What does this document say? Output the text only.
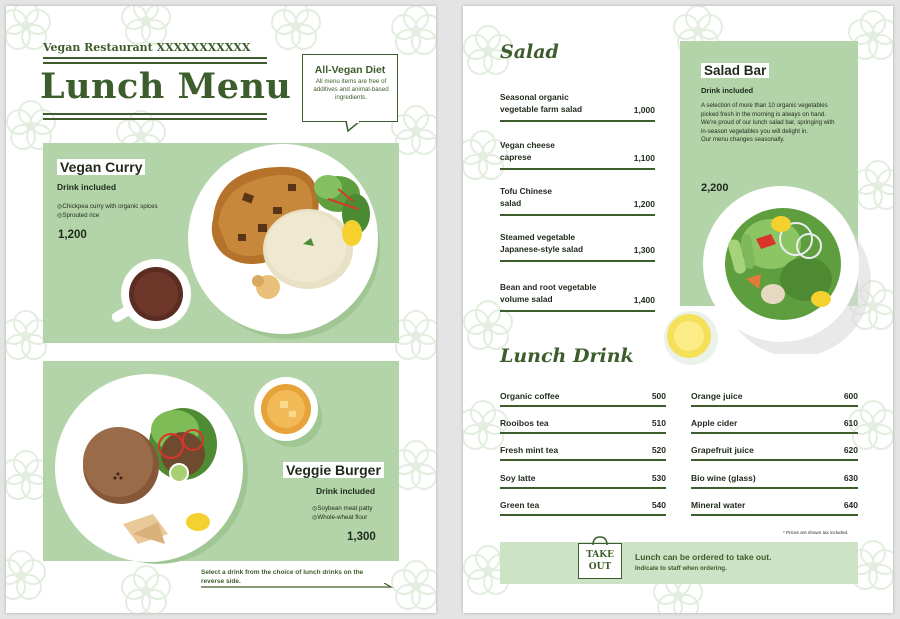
Vegan Restaurant XXXXXXXXXXX
Lunch Menu	All-Vegan Diet
All menu items are free of additives and animal-based ingredients.
Vegan Curry
Drink included
◎Chickpea curry with organic spices
◎Sprouted rice
1,200
Veggie Burger
Drink included
◎Soybean meat patty
◎Whole-wheat flour
1,300
Select a drink from the choice of lunch drinks on the reverse side.
Salad
Seasonal organic
vegetable farm salad	1,000
Vegan cheese
caprese	1,100
Tofu Chinese
salad	1,200
Steamed vegetable
Japanese-style salad	1,300
Bean and root vegetable
volume salad	1,400
Salad Bar
Drink included
A selection of more than 10 organic vegetables picked fresh in the morning is always on hand.
We're proud of our lunch salad bar, springing with in-season vegetables you will delight in.
Our menu changes seasonally.
2,200
Lunch Drink
Organic coffee	500
Rooibos tea	510
Fresh mint tea	520
Soy latte	530
Green tea	540
Orange juice	600
Apple cider	610
Grapefruit juice	620
Bio wine (glass)	630
Mineral water	640
* Prices are shown tax included.
TAKE
OUT
Lunch can be ordered to take out.
Indicate to staff when ordering.
